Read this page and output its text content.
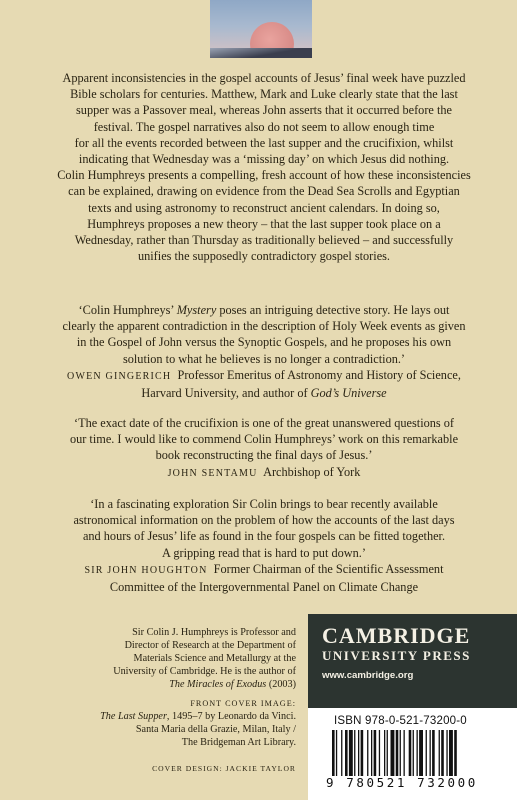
Apparent inconsistencies in the gospel accounts of Jesus’ final week have puzzled
Bible scholars for centuries. Matthew, Mark and Luke clearly state that the last
supper was a Passover meal, whereas John asserts that it occurred before the
festival. The gospel narratives also do not seem to allow enough time
for all the events recorded between the last supper and the crucifixion, whilst
indicating that Wednesday was a ‘missing day’ on which Jesus did nothing.
Colin Humphreys presents a compelling, fresh account of how these inconsistencies
can be explained, drawing on evidence from the Dead Sea Scrolls and Egyptian
texts and using astronomy to reconstruct ancient calendars. In doing so,
Humphreys proposes a new theory – that the last supper took place on a
Wednesday, rather than Thursday as traditionally believed – and successfully
unifies the supposedly contradictory gospel stories.

‘Colin Humphreys’ Mystery poses an intriguing detective story. He lays out
clearly the apparent contradiction in the description of Holy Week events as given
in the Gospel of John versus the Synoptic Gospels, and he proposes his own
solution to what he believes is no longer a contradiction.’

OWEN GINGERICH Professor Emeritus of Astronomy and History of Science,
Harvard University, and author of God’s Universe

‘The exact date of the crucifixion is one of the great unanswered questions of
our time. I would like to commend Colin Humphreys’ work on this remarkable
book reconstructing the final days of Jesus.’

JOHN SENTAMU Archbishop of York

‘In a fascinating exploration Sir Colin brings to bear recently available
astronomical information on the problem of how the accounts of the last days
and hours of Jesus’ life as found in the four gospels can be fitted together.
A gripping read that is hard to put down.’

SIR JOHN HOUGHTON Former Chairman of the Scientific Assessment
Committee of the Intergovernmental Panel on Climate Change

Sir Colin J. Humphreys is Professor and
Director of Research at the Department of
Materials Science and Metallurgy at the
University of Cambridge. He is the author of
The Miracles of Exodus (2003)

FRONT COVER IMAGE:
The Last Supper, 1495–7 by Leonardo da Vinci.
Santa Maria della Grazie, Milan, Italy /
The Bridgeman Art Library.

COVER DESIGN: JACKIE TAYLOR
CAMBRIDGE
UNIVERSITY PRESS
www.cambridge.org
ISBN 978-0-521-73200-0
9 780521 732000
